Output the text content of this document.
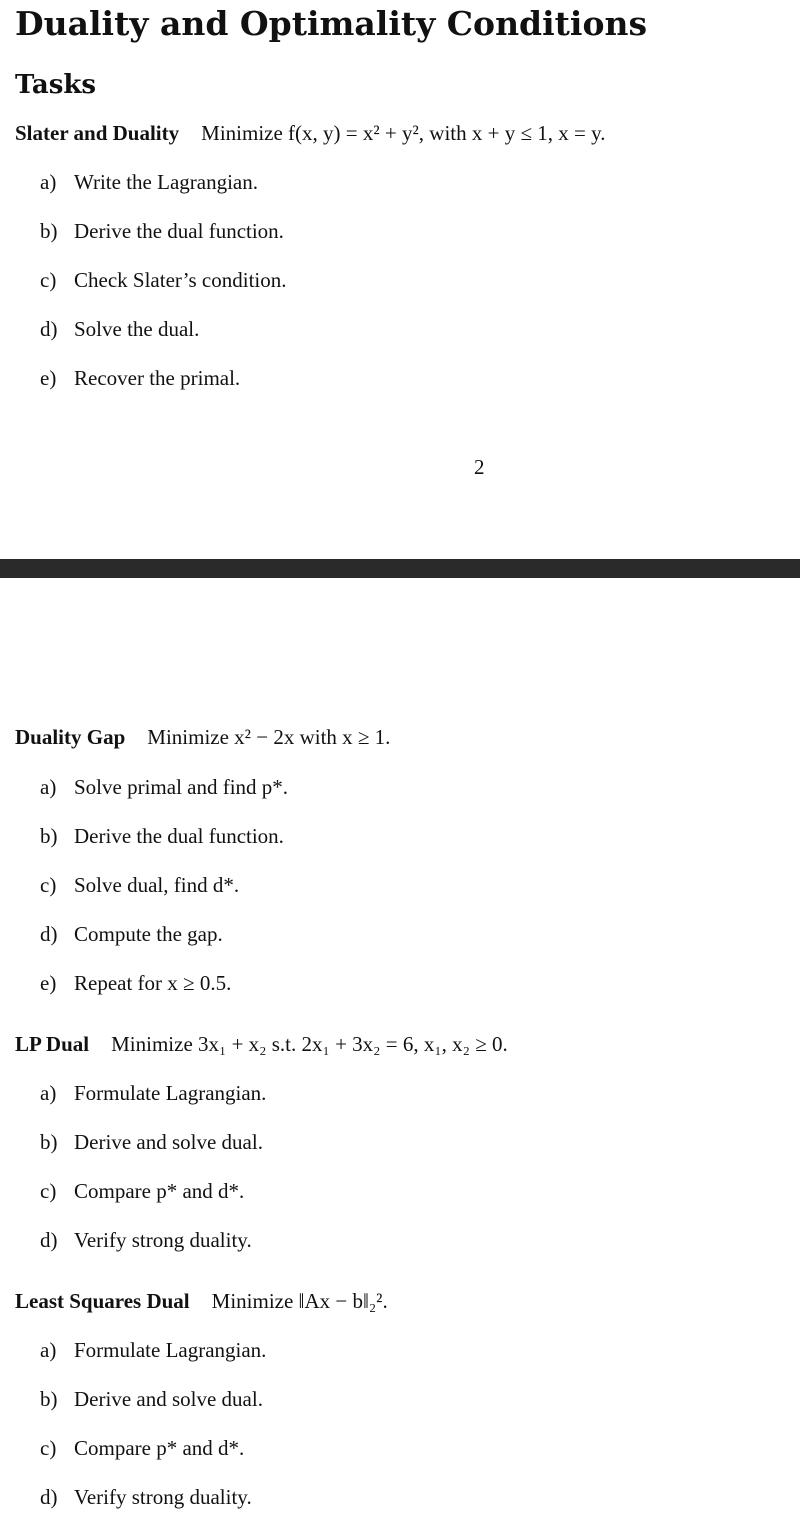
Duality and Optimality Conditions
Tasks
Slater and Duality Minimize f(x, y) = x² + y², with x + y ≤ 1, x = y.
a) Write the Lagrangian.
b) Derive the dual function.
c) Check Slater’s condition.
d) Solve the dual.
e) Recover the primal.
2
Duality Gap Minimize x² − 2x with x ≥ 1.
a) Solve primal and find p*.
b) Derive the dual function.
c) Solve dual, find d*.
d) Compute the gap.
e) Repeat for x ≥ 0.5.
LP Dual Minimize 3x₁ + x₂ s.t. 2x₁ + 3x₂ = 6, x₁, x₂ ≥ 0.
a) Formulate Lagrangian.
b) Derive and solve dual.
c) Compare p* and d*.
d) Verify strong duality.
Least Squares Dual Minimize ‖Ax − b‖₂².
a) Formulate Lagrangian.
b) Derive and solve dual.
c) Compare p* and d*.
d) Verify strong duality.
